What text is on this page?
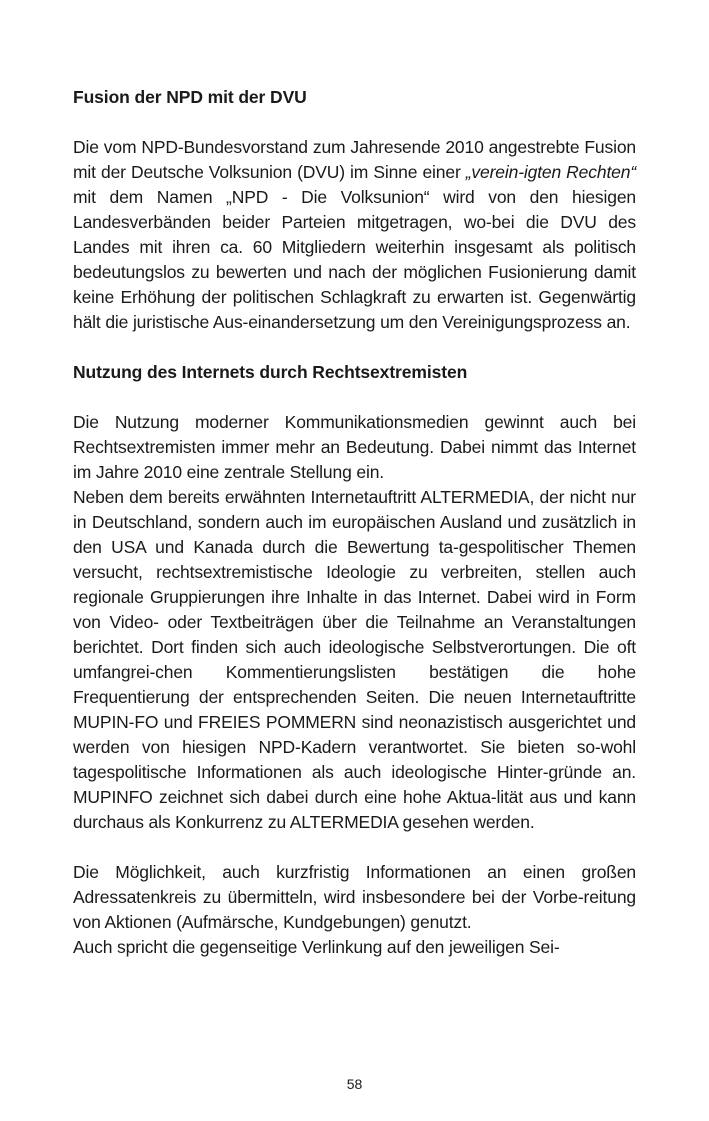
Fusion der NPD mit der DVU

Die vom NPD-Bundesvorstand zum Jahresende 2010 angestrebte Fusion mit der Deutsche Volksunion (DVU) im Sinne einer „verein-igten Rechten“ mit dem Namen „NPD - Die Volksunion“ wird von den hiesigen Landesverbänden beider Parteien mitgetragen, wo-bei die DVU des Landes mit ihren ca. 60 Mitgliedern weiterhin insgesamt als politisch bedeutungslos zu bewerten und nach der möglichen Fusionierung damit keine Erhöhung der politischen Schlagkraft zu erwarten ist. Gegenwärtig hält die juristische Aus-einandersetzung um den Vereinigungsprozess an.

Nutzung des Internets durch Rechtsextremisten

Die Nutzung moderner Kommunikationsmedien gewinnt auch bei Rechtsextremisten immer mehr an Bedeutung. Dabei nimmt das Internet im Jahre 2010 eine zentrale Stellung ein.

Neben dem bereits erwähnten Internetauftritt ALTERMEDIA, der nicht nur in Deutschland, sondern auch im europäischen Ausland und zusätzlich in den USA und Kanada durch die Bewertung ta-gespolitischer Themen versucht, rechtsextremistische Ideologie zu verbreiten, stellen auch regionale Gruppierungen ihre Inhalte in das Internet. Dabei wird in Form von Video- oder Textbeiträgen über die Teilnahme an Veranstaltungen berichtet. Dort finden sich auch ideologische Selbstverortungen. Die oft umfangrei-chen Kommentierungslisten bestätigen die hohe Frequentierung der entsprechenden Seiten. Die neuen Internetauftritte MUPIN-FO und FREIES POMMERN sind neonazistisch ausgerichtet und werden von hiesigen NPD-Kadern verantwortet. Sie bieten so-wohl tagespolitische Informationen als auch ideologische Hinter-gründe an. MUPINFO zeichnet sich dabei durch eine hohe Aktua-lität aus und kann durchaus als Konkurrenz zu ALTERMEDIA gesehen werden.

Die Möglichkeit, auch kurzfristig Informationen an einen großen Adressatenkreis zu übermitteln, wird insbesondere bei der Vorbe-reitung von Aktionen (Aufmärsche, Kundgebungen) genutzt.

Auch spricht die gegenseitige Verlinkung auf den jeweiligen Sei-

58
